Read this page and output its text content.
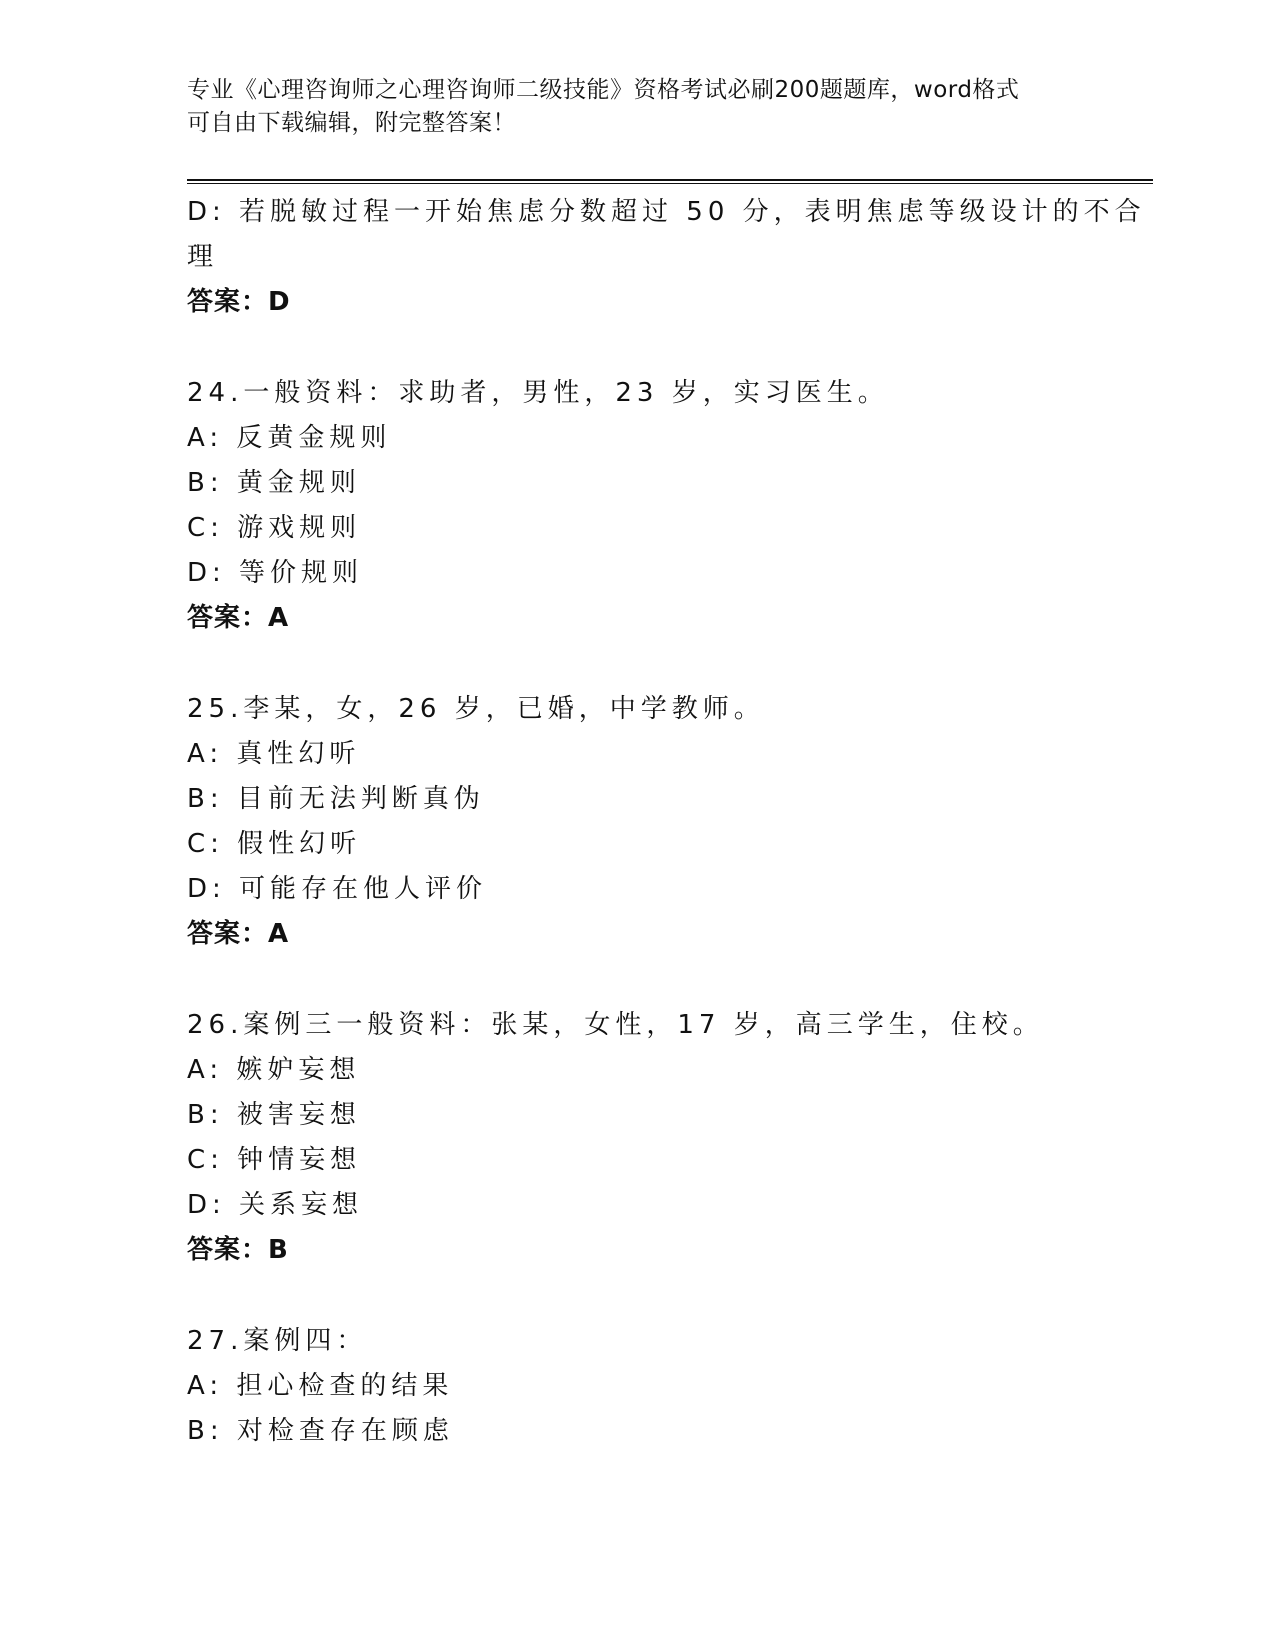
专业《心理咨询师之心理咨询师二级技能》资格考试必刷200题题库，word格式
可自由下载编辑，附完整答案！
D: 若脱敏过程一开始焦虑分数超过 50 分，表明焦虑等级设计的不合
理
答案：D
24.一般资料：求助者，男性，23 岁，实习医生。
A: 反黄金规则
B: 黄金规则
C: 游戏规则
D: 等价规则
答案：A
25.李某，女，26 岁，已婚，中学教师。
A: 真性幻听
B: 目前无法判断真伪
C: 假性幻听
D: 可能存在他人评价
答案：A
26.案例三一般资料：张某，女性，17 岁，高三学生，住校。
A: 嫉妒妄想
B: 被害妄想
C: 钟情妄想
D: 关系妄想
答案：B
27.案例四：
A: 担心检查的结果
B: 对检查存在顾虑
